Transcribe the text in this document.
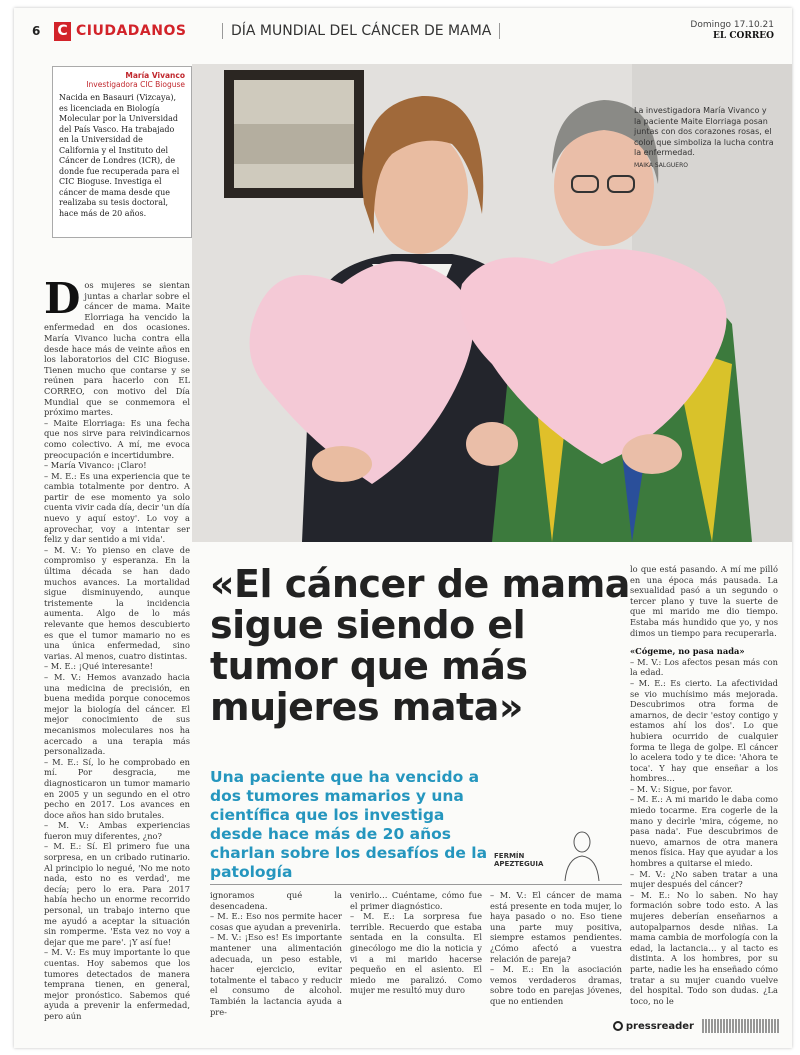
6 C CIUDADANOS	DÍA MUNDIAL DEL CÁNCER DE MAMA	Domingo 17.10.21
EL CORREO
María Vivanco
Investigadora CIC Bioguse
Nacida en Basauri (Vizcaya), es licenciada en Biología Molecular por la Universidad del País Vasco. Ha trabajado en la Universidad de California y el Instituto del Cáncer de Londres (ICR), de donde fue recuperada para el CIC Bioguse. Investiga el cáncer de mama desde que realizaba su tesis doctoral, hace más de 20 años.
La investigadora María Vivanco y la paciente Maite Elorriaga posan juntas con dos corazones rosas, el color que simboliza la lucha contra la enfermedad.
MAIKA SALGUERO
D os mujeres se sientan juntas a charlar sobre el cáncer de mama. Maite Elorriaga ha vencido la enfermedad en dos ocasiones. María Vivanco lucha contra ella desde hace más de veinte años en los laboratorios del CIC Bioguse. Tienen mucho que contarse y se reúnen para hacerlo con EL CORREO, con motivo del Día Mundial que se conmemora el próximo martes.

– Maite Elorriaga: Es una fecha que nos sirve para reivindicarnos como colectivo. A mí, me evoca preocupación e incertidumbre.

– María Vivanco: ¡Claro!

– M. E.: Es una experiencia que te cambia totalmente por dentro. A partir de ese momento ya solo cuenta vivir cada día, decir 'un día nuevo y aquí estoy'. Lo voy a aprovechar, voy a intentar ser feliz y dar sentido a mi vida'.

– M. V.: Yo pienso en clave de compromiso y esperanza. En la última década se han dado muchos avances. La mortalidad sigue disminuyendo, aunque tristemente la incidencia aumenta. Algo de lo más relevante que hemos descubierto es que el tumor mamario no es una única enfermedad, sino varias. Al menos, cuatro distintas.

– M. E.: ¡Qué interesante!

– M. V.: Hemos avanzado hacia una medicina de precisión, en buena medida porque conocemos mejor la biología del cáncer. El mejor conocimiento de sus mecanismos moleculares nos ha acercado a una terapia más personalizada.

– M. E.: Sí, lo he comprobado en mí. Por desgracia, me diagnosticaron un tumor mamario en 2005 y un segundo en el otro pecho en 2017. Los avances en doce años han sido brutales.

– M. V.: Ambas experiencias fueron muy diferentes, ¿no?

– M. E.: Sí. El primero fue una sorpresa, en un cribado rutinario. Al principio lo negué, 'No me noto nada, esto no es verdad', me decía; pero lo era. Para 2017 había hecho un enorme recorrido personal, un trabajo interno que me ayudó a aceptar la situación sin romperme. 'Esta vez no voy a dejar que me pare'. ¡Y así fue!

– M. V.: Es muy importante lo que cuentas. Hoy sabemos que los tumores detectados de manera temprana tienen, en general, mejor pronóstico. Sabemos qué ayuda a prevenir la enfermedad, pero aún

«El cáncer de mama sigue siendo el tumor que más mujeres mata»
Una paciente que ha vencido a dos tumores mamarios y una científica que los investiga desde hace más de 20 años charlan sobre los desafíos de la patología
FERMÍN
APEZTEGUIA

ignoramos qué la desencadena.

– M. E.: Eso nos permite hacer cosas que ayudan a prevenirla.

– M. V.: ¡Eso es! Es importante mantener una alimentación adecuada, un peso estable, hacer ejercicio, evitar totalmente el tabaco y reducir el consumo de alcohol. También la lactancia ayuda a pre-

venirlo… Cuéntame, cómo fue el primer diagnóstico.

– M. E.: La sorpresa fue terrible. Recuerdo que estaba sentada en la consulta. El ginecólogo me dio la noticia y vi a mi marido hacerse pequeño en el asiento. El miedo me paralizó. Como mujer me resultó muy duro

– M. V.: El cáncer de mama está presente en toda mujer, lo haya pasado o no. Eso tiene una parte muy positiva, siempre estamos pendientes. ¿Cómo afectó a vuestra relación de pareja?

– M. E.: En la asociación vemos verdaderos dramas, sobre todo en parejas jóvenes, que no entienden

lo que está pasando. A mí me pilló en una época más pausada. La sexualidad pasó a un segundo o tercer plano y tuve la suerte de que mi marido me dio tiempo. Estaba más hundido que yo, y nos dimos un tiempo para recuperarla.

«Cógeme, no pasa nada»

– M. V.: Los afectos pesan más con la edad.

– M. E.: Es cierto. La afectividad se vio muchísimo más mejorada. Descubrimos otra forma de amarnos, de decir 'estoy contigo y estamos ahí los dos'. Lo que hubiera ocurrido de cualquier forma te llega de golpe. El cáncer lo acelera todo y te dice: 'Ahora te toca'. Y hay que enseñar a los hombres…

– M. V.: Sigue, por favor.

– M. E.: A mi marido le daba como miedo tocarme. Era cogerle de la mano y decirle 'mira, cógeme, no pasa nada'. Fue descubrimos de nuevo, amarnos de otra manera menos física. Hay que ayudar a los hombres a quitarse el miedo.

– M. V.: ¿No saben tratar a una mujer después del cáncer?

– M. E.: No lo saben. No hay formación sobre todo esto. A las mujeres deberían enseñarnos a autopalparnos desde niñas. La mama cambia de morfología con la edad, la lactancia… y al tacto es distinta. A los hombres, por su parte, nadie les ha enseñado cómo tratar a su mujer cuando vuelve del hospital. Todo son dudas. ¿La toco, no le

pressreader
